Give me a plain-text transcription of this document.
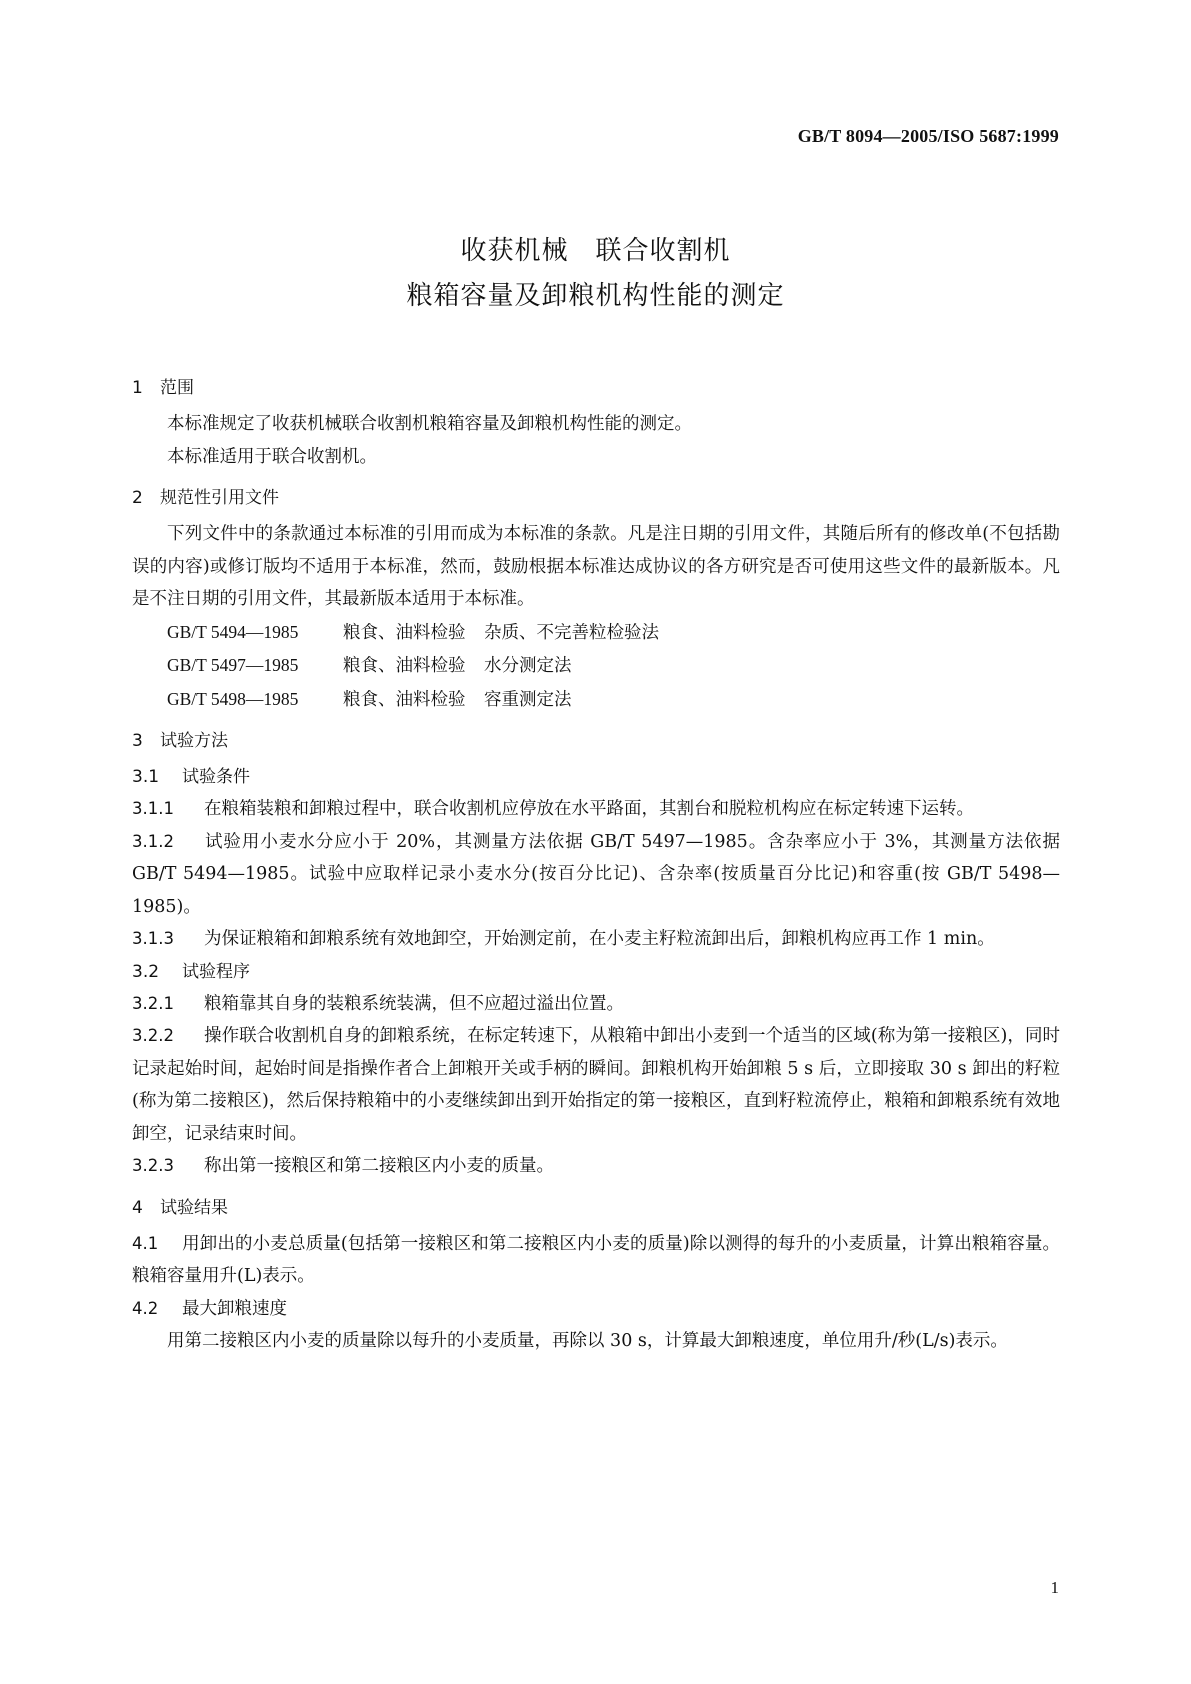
GB/T 8094—2005/ISO 5687:1999
收获机械　联合收割机
粮箱容量及卸粮机构性能的测定
1 范围
本标准规定了收获机械联合收割机粮箱容量及卸粮机构性能的测定。
本标准适用于联合收割机。
2 规范性引用文件
下列文件中的条款通过本标准的引用而成为本标准的条款。凡是注日期的引用文件，其随后所有的修改单(不包括勘误的内容)或修订版均不适用于本标准，然而，鼓励根据本标准达成协议的各方研究是否可使用这些文件的最新版本。凡是不注日期的引用文件，其最新版本适用于本标准。
GB/T 5494—1985	粮食、油料检验 杂质、不完善粒检验法
GB/T 5497—1985	粮食、油料检验 水分测定法
GB/T 5498—1985	粮食、油料检验 容重测定法
3 试验方法
3.1 试验条件
3.1.1 在粮箱装粮和卸粮过程中，联合收割机应停放在水平路面，其割台和脱粒机构应在标定转速下运转。
3.1.2 试验用小麦水分应小于 20%，其测量方法依据 GB/T 5497—1985。含杂率应小于 3%，其测量方法依据 GB/T 5494—1985。试验中应取样记录小麦水分(按百分比记)、含杂率(按质量百分比记)和容重(按 GB/T 5498—1985)。
3.1.3 为保证粮箱和卸粮系统有效地卸空，开始测定前，在小麦主籽粒流卸出后，卸粮机构应再工作 1 min。
3.2 试验程序
3.2.1 粮箱靠其自身的装粮系统装满，但不应超过溢出位置。
3.2.2 操作联合收割机自身的卸粮系统，在标定转速下，从粮箱中卸出小麦到一个适当的区域(称为第一接粮区)，同时记录起始时间，起始时间是指操作者合上卸粮开关或手柄的瞬间。卸粮机构开始卸粮 5 s 后，立即接取 30 s 卸出的籽粒(称为第二接粮区)，然后保持粮箱中的小麦继续卸出到开始指定的第一接粮区，直到籽粒流停止，粮箱和卸粮系统有效地卸空，记录结束时间。
3.2.3 称出第一接粮区和第二接粮区内小麦的质量。
4 试验结果
4.1 用卸出的小麦总质量(包括第一接粮区和第二接粮区内小麦的质量)除以测得的每升的小麦质量，计算出粮箱容量。粮箱容量用升(L)表示。
4.2 最大卸粮速度
用第二接粮区内小麦的质量除以每升的小麦质量，再除以 30 s，计算最大卸粮速度，单位用升/秒(L/s)表示。
1
